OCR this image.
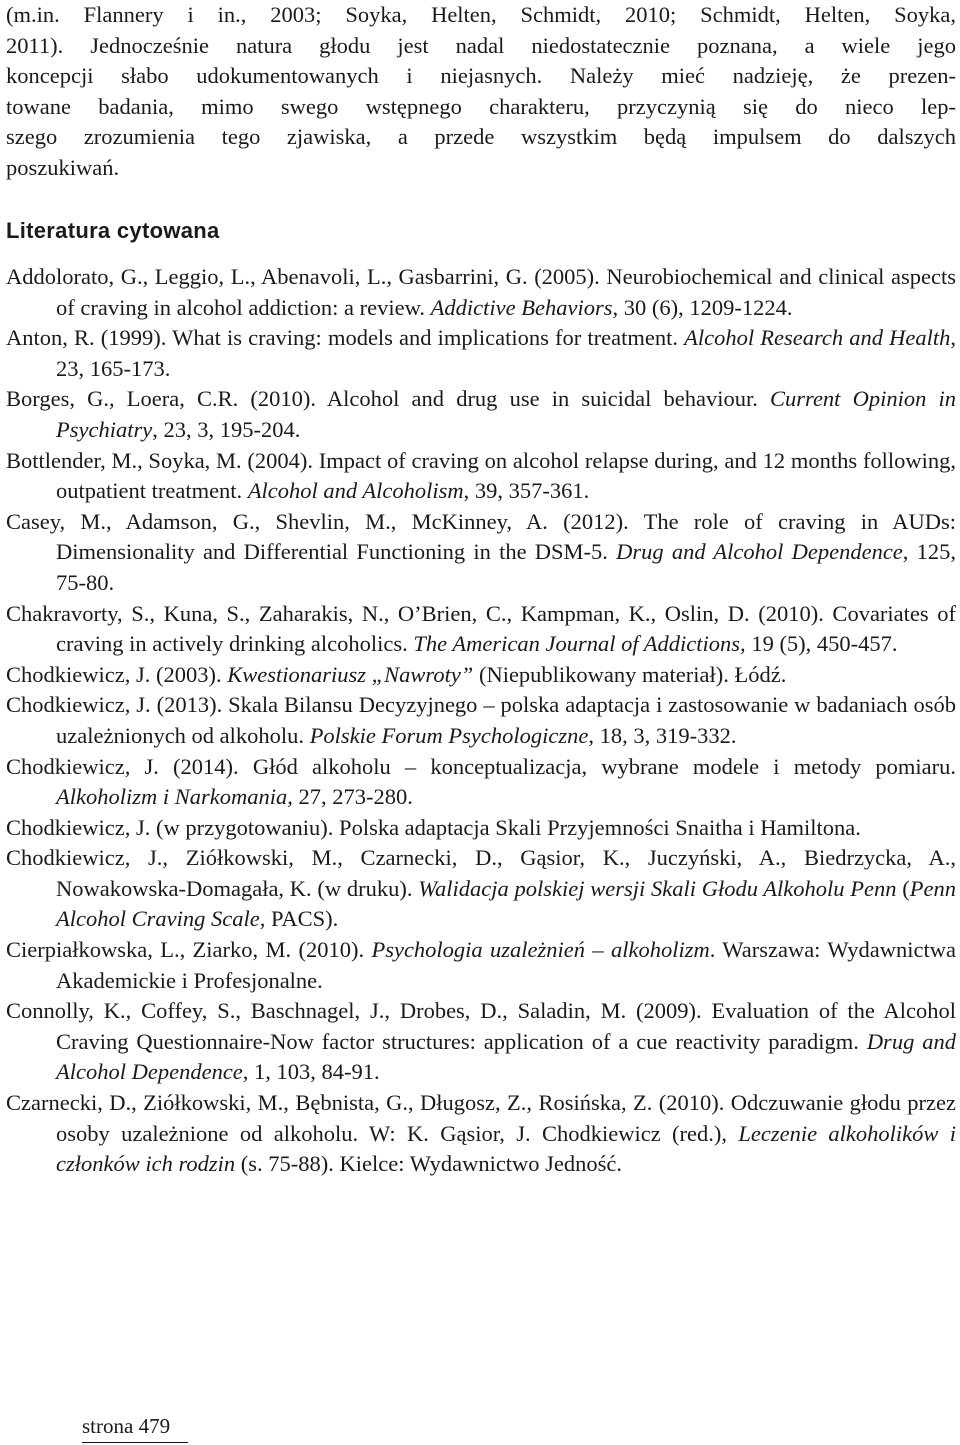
(m.in. Flannery i in., 2003; Soyka, Helten, Schmidt, 2010; Schmidt, Helten, Soyka,
2011). Jednocześnie natura głodu jest nadal niedostatecznie poznana, a wiele jego
koncepcji słabo udokumentowanych i niejasnych. Należy mieć nadzieję, że prezen-
towane badania, mimo swego wstępnego charakteru, przyczynią się do nieco lep-
szego zrozumienia tego zjawiska, a przede wszystkim będą impulsem do dalszych
poszukiwań.
Literatura cytowana
Addolorato, G., Leggio, L., Abenavoli, L., Gasbarrini, G. (2005). Neurobiochemical and clinical aspects of craving in alcohol addiction: a review. Addictive Behaviors, 30 (6), 1209-1224.
Anton, R. (1999). What is craving: models and implications for treatment. Alcohol Research and Health, 23, 165-173.
Borges, G., Loera, C.R. (2010). Alcohol and drug use in suicidal behaviour. Current Opinion in Psychiatry, 23, 3, 195-204.
Bottlender, M., Soyka, M. (2004). Impact of craving on alcohol relapse during, and 12 months following, outpatient treatment. Alcohol and Alcoholism, 39, 357-361.
Casey, M., Adamson, G., Shevlin, M., McKinney, A. (2012). The role of craving in AUDs: Dimensionality and Differential Functioning in the DSM-5. Drug and Alcohol Dependence, 125, 75-80.
Chakravorty, S., Kuna, S., Zaharakis, N., O’Brien, C., Kampman, K., Oslin, D. (2010). Covariates of craving in actively drinking alcoholics. The American Journal of Addictions, 19 (5), 450-457.
Chodkiewicz, J. (2003). Kwestionariusz „Nawroty” (Niepublikowany materiał). Łódź.
Chodkiewicz, J. (2013). Skala Bilansu Decyzyjnego – polska adaptacja i zastosowanie w badaniach osób uzależnionych od alkoholu. Polskie Forum Psychologiczne, 18, 3, 319-332.
Chodkiewicz, J. (2014). Głód alkoholu – konceptualizacja, wybrane modele i metody pomiaru. Alkoholizm i Narkomania, 27, 273-280.
Chodkiewicz, J. (w przygotowaniu). Polska adaptacja Skali Przyjemności Snaitha i Hamiltona.
Chodkiewicz, J., Ziółkowski, M., Czarnecki, D., Gąsior, K., Juczyński, A., Biedrzycka, A., Nowakowska-Domagała, K. (w druku). Walidacja polskiej wersji Skali Głodu Alkoholu Penn (Penn Alcohol Craving Scale, PACS).
Cierpiałkowska, L., Ziarko, M. (2010). Psychologia uzależnień – alkoholizm. Warszawa: Wydawnictwa Akademickie i Profesjonalne.
Connolly, K., Coffey, S., Baschnagel, J., Drobes, D., Saladin, M. (2009). Evaluation of the Alcohol Craving Questionnaire-Now factor structures: application of a cue reactivity paradigm. Drug and Alcohol Dependence, 1, 103, 84-91.
Czarnecki, D., Ziółkowski, M., Bębnista, G., Długosz, Z., Rosińska, Z. (2010). Odczuwanie głodu przez osoby uzależnione od alkoholu. W: K. Gąsior, J. Chodkiewicz (red.), Leczenie alkoholików i członków ich rodzin (s. 75-88). Kielce: Wydawnictwo Jedność.
strona 479
